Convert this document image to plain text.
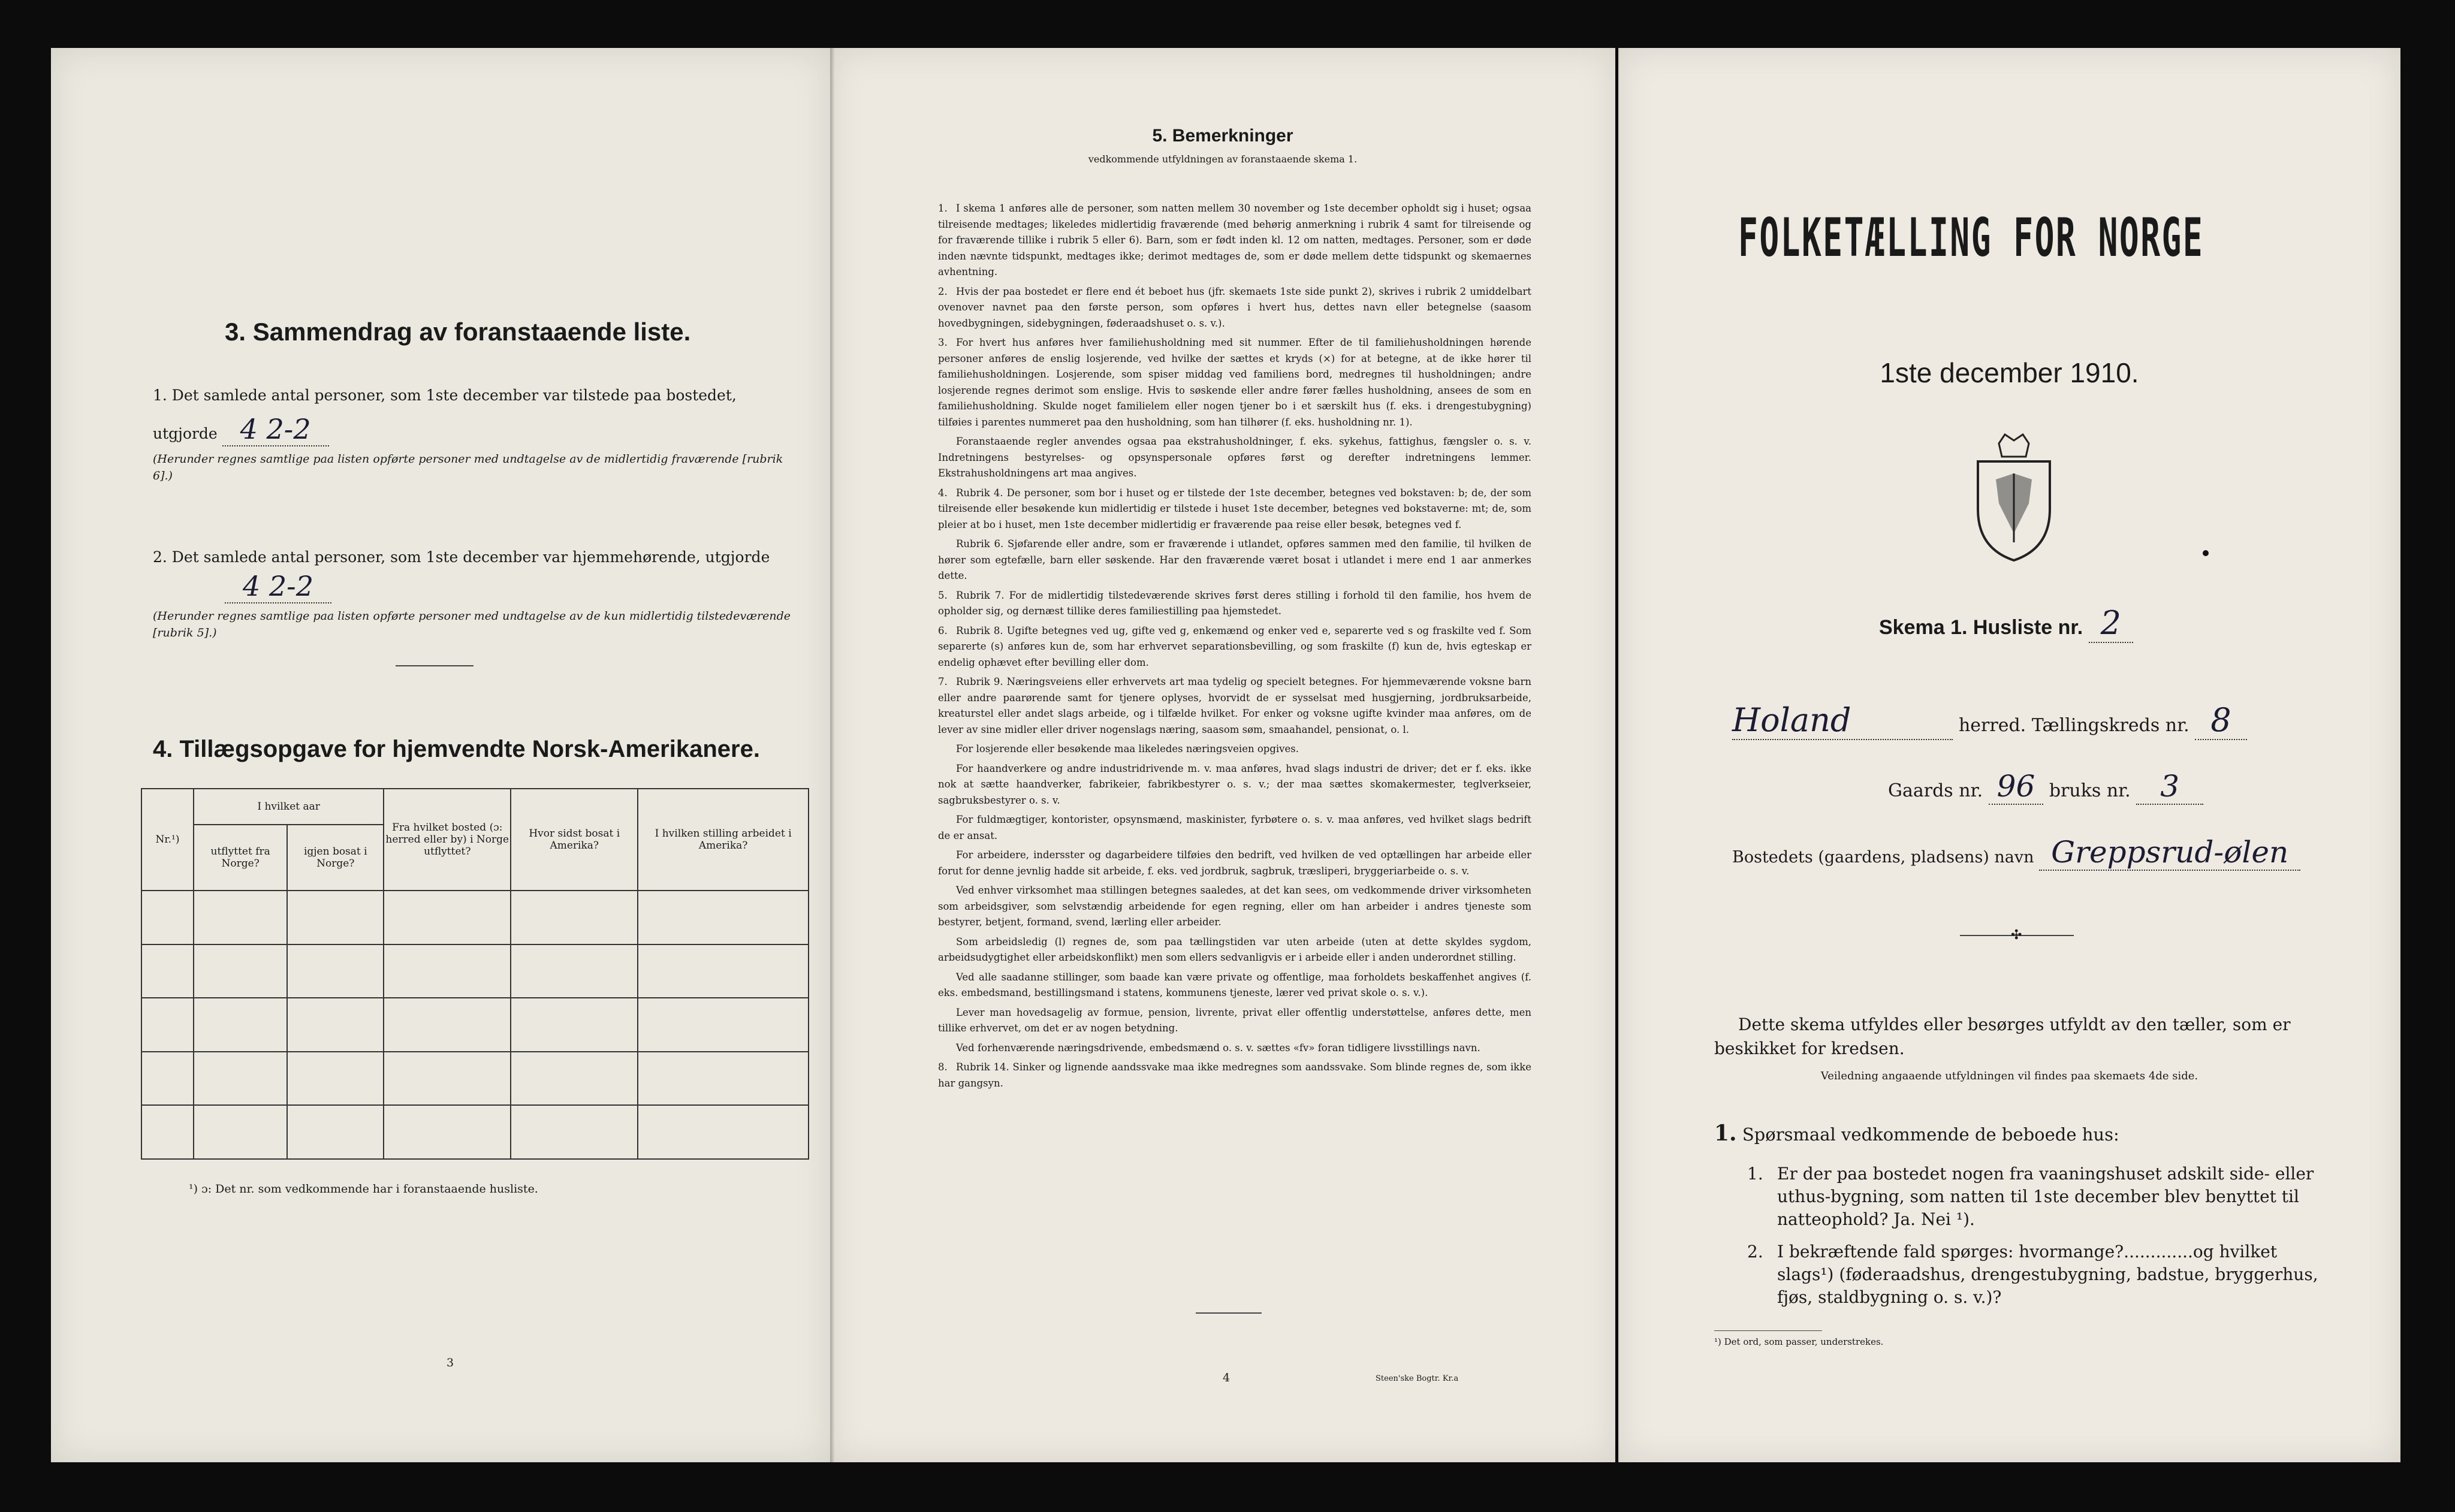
3. Sammendrag av foranstaaende liste.
1. Det samlede antal personer, som 1ste december var tilstede paa bostedet,
utgjorde 4 2-2
(Herunder regnes samtlige paa listen opførte personer med undtagelse av de midlertidig fraværende [rubrik 6].)
2. Det samlede antal personer, som 1ste december var hjemmehørende, utgjorde
4 2-2
(Herunder regnes samtlige paa listen opførte personer med undtagelse av de kun midlertidig tilstedeværende [rubrik 5].)
4. Tillægsopgave for hjemvendte Norsk-Amerikanere.
Nr.¹)	I hvilket aar		Fra hvilket bosted (ɔ: herred eller by) i Norge utflyttet?	Hvor sidst bosat i Amerika?	I hvilken stilling arbeidet i Amerika?
	utflyttet fra Norge?	igjen bosat i Norge?			

¹) ɔ: Det nr. som vedkommende har i foranstaaende husliste.
3
5. Bemerkninger
vedkommende utfyldningen av foranstaaende skema 1.

1. I skema 1 anføres alle de personer, som natten mellem 30 november og 1ste december opholdt sig i huset; ogsaa tilreisende medtages; likeledes midlertidig fraværende (med behørig anmerkning i rubrik 4 samt for tilreisende og for fraværende tillike i rubrik 5 eller 6). Barn, som er født inden kl. 12 om natten, medtages. Personer, som er døde inden nævnte tidspunkt, medtages ikke; derimot medtages de, som er døde mellem dette tidspunkt og skemaernes avhentning.

2. Hvis der paa bostedet er flere end ét beboet hus (jfr. skemaets 1ste side punkt 2), skrives i rubrik 2 umiddelbart ovenover navnet paa den første person, som opføres i hvert hus, dettes navn eller betegnelse (saasom hovedbygningen, sidebygningen, føderaadshuset o. s. v.).

3. For hvert hus anføres hver familiehusholdning med sit nummer. Efter de til familiehusholdningen hørende personer anføres de enslig losjerende, ved hvilke der sættes et kryds (×) for at betegne, at de ikke hører til familiehusholdningen. Losjerende, som spiser middag ved familiens bord, medregnes til husholdningen; andre losjerende regnes derimot som enslige. Hvis to søskende eller andre fører fælles husholdning, ansees de som en familiehusholdning. Skulde noget familielem eller nogen tjener bo i et særskilt hus (f. eks. i drengestubygning) tilføies i parentes nummeret paa den husholdning, som han tilhører (f. eks. husholdning nr. 1).

Foranstaaende regler anvendes ogsaa paa ekstrahusholdninger, f. eks. sykehus, fattighus, fængsler o. s. v. Indretningens bestyrelses- og opsynspersonale opføres først og derefter indretningens lemmer. Ekstrahusholdningens art maa angives.

4. Rubrik 4. De personer, som bor i huset og er tilstede der 1ste december, betegnes ved bokstaven: b; de, der som tilreisende eller besøkende kun midlertidig er tilstede i huset 1ste december, betegnes ved bokstaverne: mt; de, som pleier at bo i huset, men 1ste december midlertidig er fraværende paa reise eller besøk, betegnes ved f.

Rubrik 6. Sjøfarende eller andre, som er fraværende i utlandet, opføres sammen med den familie, til hvilken de hører som egtefælle, barn eller søskende. Har den fraværende været bosat i utlandet i mere end 1 aar anmerkes dette.

5. Rubrik 7. For de midlertidig tilstedeværende skrives først deres stilling i forhold til den familie, hos hvem de opholder sig, og dernæst tillike deres familiestilling paa hjemstedet.

6. Rubrik 8. Ugifte betegnes ved ug, gifte ved g, enkemænd og enker ved e, separerte ved s og fraskilte ved f. Som separerte (s) anføres kun de, som har erhvervet separationsbevilling, og som fraskilte (f) kun de, hvis egteskap er endelig ophævet efter bevilling eller dom.

7. Rubrik 9. Næringsveiens eller erhvervets art maa tydelig og specielt betegnes. For hjemmeværende voksne barn eller andre paarørende samt for tjenere oplyses, hvorvidt de er sysselsat med husgjerning, jordbruksarbeide, kreaturstel eller andet slags arbeide, og i tilfælde hvilket. For enker og voksne ugifte kvinder maa anføres, om de lever av sine midler eller driver nogenslags næring, saasom søm, smaahandel, pensionat, o. l.

For losjerende eller besøkende maa likeledes næringsveien opgives.

For haandverkere og andre industridrivende m. v. maa anføres, hvad slags industri de driver; det er f. eks. ikke nok at sætte haandverker, fabrikeier, fabrikbestyrer o. s. v.; der maa sættes skomakermester, teglverkseier, sagbruksbestyrer o. s. v.

For fuldmægtiger, kontorister, opsynsmænd, maskinister, fyrbøtere o. s. v. maa anføres, ved hvilket slags bedrift de er ansat.

For arbeidere, indersster og dagarbeidere tilføies den bedrift, ved hvilken de ved optællingen har arbeide eller forut for denne jevnlig hadde sit arbeide, f. eks. ved jordbruk, sagbruk, træsliperi, bryggeriarbeide o. s. v.

Ved enhver virksomhet maa stillingen betegnes saaledes, at det kan sees, om vedkommende driver virksomheten som arbeidsgiver, som selvstændig arbeidende for egen regning, eller om han arbeider i andres tjeneste som bestyrer, betjent, formand, svend, lærling eller arbeider.

Som arbeidsledig (l) regnes de, som paa tællingstiden var uten arbeide (uten at dette skyldes sygdom, arbeidsudygtighet eller arbeidskonflikt) men som ellers sedvanligvis er i arbeide eller i anden underordnet stilling.

Ved alle saadanne stillinger, som baade kan være private og offentlige, maa forholdets beskaffenhet angives (f. eks. embedsmand, bestillingsmand i statens, kommunens tjeneste, lærer ved privat skole o. s. v.).

Lever man hovedsagelig av formue, pension, livrente, privat eller offentlig understøttelse, anføres dette, men tillike erhvervet, om det er av nogen betydning.

Ved forhenværende næringsdrivende, embedsmænd o. s. v. sættes «fv» foran tidligere livsstillings navn.

8. Rubrik 14. Sinker og lignende aandssvake maa ikke medregnes som aandssvake. Som blinde regnes de, som ikke har gangsyn.

4	Steen'ske Bogtr. Kr.a
FOLKETÆLLING FOR NORGE
1ste december 1910.
Skema 1. Husliste nr. 2
Holand	herred. Tællingskreds nr. 8
Gaards nr. 96 bruks nr. 3
Bostedets (gaardens, pladsens) navn Greppsrud-ølen
✣
Dette skema utfyldes eller besørges utfyldt av den tæller, som er beskikket for kredsen.
Veiledning angaaende utfyldningen vil findes paa skemaets 4de side.
1. Spørsmaal vedkommende de beboede hus:
1. Er der paa bostedet nogen fra vaaningshuset adskilt side- eller uthus-bygning, som natten til 1ste december blev benyttet til natteophold? Ja. Nei ¹).
2. I bekræftende fald spørges: hvormange?.............og hvilket slags¹) (føderaadshus, drengestubygning, badstue, bryggerhus, fjøs, staldbygning o. s. v.)?
¹) Det ord, som passer, understrekes.
